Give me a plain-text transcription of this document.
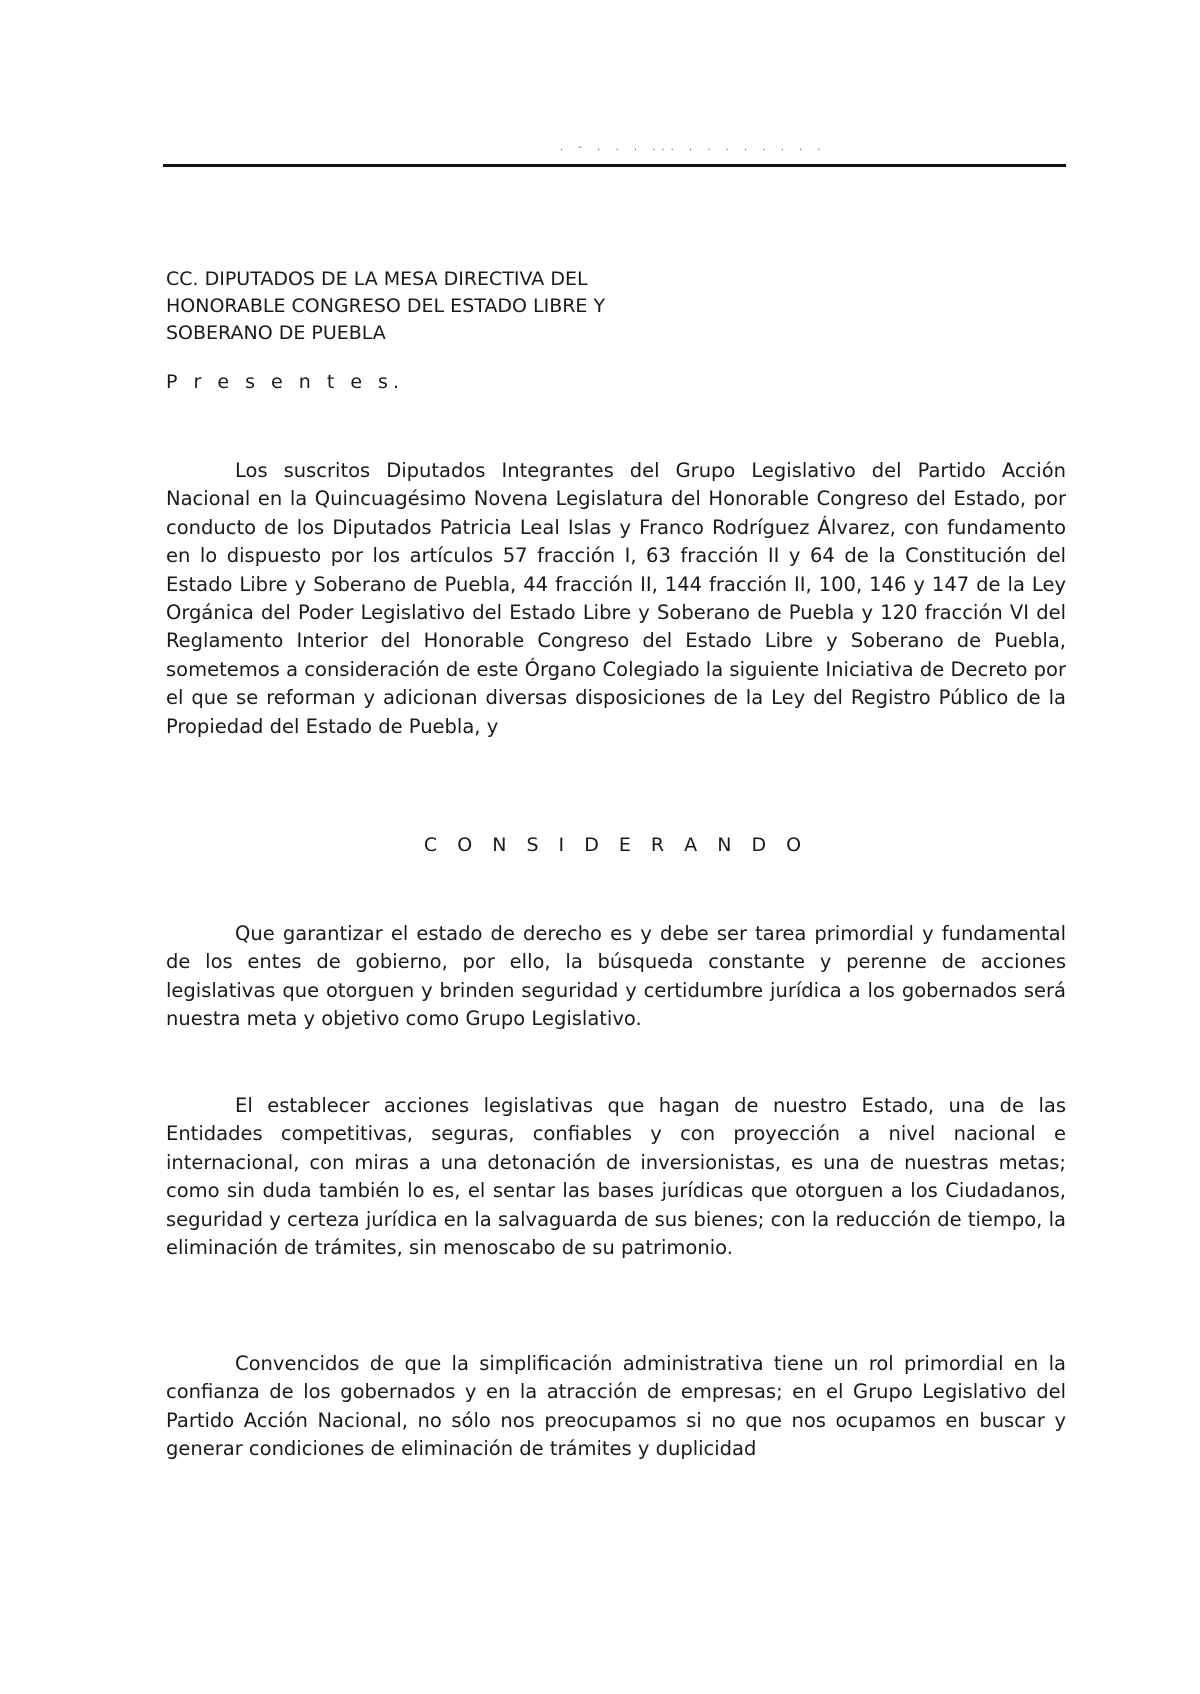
. - . . . ... . . . . . . . .
CC. DIPUTADOS DE LA MESA DIRECTIVA DEL
HONORABLE CONGRESO DEL ESTADO LIBRE Y
SOBERANO DE PUEBLA
P r e s e n t e s.

Los suscritos Diputados Integrantes del Grupo Legislativo del Partido Acción Nacional en la Quincuagésimo Novena Legislatura del Honorable Congreso del Estado, por conducto de los Diputados Patricia Leal Islas y Franco Rodríguez Álvarez, con fundamento en lo dispuesto por los artículos 57 fracción I, 63 fracción II y 64 de la Constitución del Estado Libre y Soberano de Puebla, 44 fracción II, 144 fracción II, 100, 146 y 147 de la Ley Orgánica del Poder Legislativo del Estado Libre y Soberano de Puebla y 120 fracción VI del Reglamento Interior del Honorable Congreso del Estado Libre y Soberano de Puebla, sometemos a consideración de este Órgano Colegiado la siguiente Iniciativa de Decreto por el que se reforman y adicionan diversas disposiciones de la Ley del Registro Público de la Propiedad del Estado de Puebla, y

C O N S I D E R A N D O

Que garantizar el estado de derecho es y debe ser tarea primordial y fundamental de los entes de gobierno, por ello, la búsqueda constante y perenne de acciones legislativas que otorguen y brinden seguridad y certidumbre jurídica a los gobernados será nuestra meta y objetivo como Grupo Legislativo.

El establecer acciones legislativas que hagan de nuestro Estado, una de las Entidades competitivas, seguras, confiables y con proyección a nivel nacional e internacional, con miras a una detonación de inversionistas, es una de nuestras metas; como sin duda también lo es, el sentar las bases jurídicas que otorguen a los Ciudadanos, seguridad y certeza jurídica en la salvaguarda de sus bienes; con la reducción de tiempo, la eliminación de trámites, sin menoscabo de su patrimonio.

Convencidos de que la simplificación administrativa tiene un rol primordial en la confianza de los gobernados y en la atracción de empresas; en el Grupo Legislativo del Partido Acción Nacional, no sólo nos preocupamos si no que nos ocupamos en buscar y generar condiciones de eliminación de trámites y duplicidad
